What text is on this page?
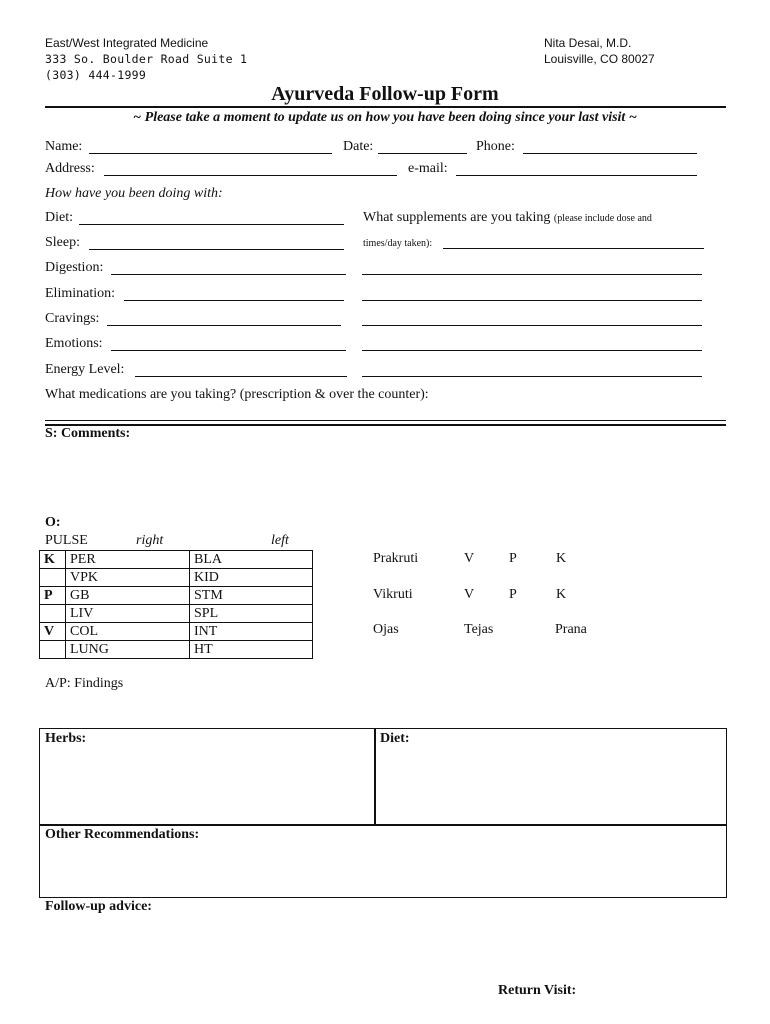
East/West Integrated Medicine
333 So. Boulder Road Suite 1
(303) 444-1999
Nita Desai, M.D.
Louisville, CO 80027
Ayurveda Follow-up Form
~ Please take a moment to update us on how you have been doing since your last visit ~
Name:	Date:	Phone:
Address:	e-mail:
How have you been doing with:
Diet:
Sleep:
Digestion:
Elimination:
Cravings:
Emotions:
Energy Level:
What supplements are you taking (please include dose and
times/day taken):
What medications are you taking? (prescription & over the counter):
S: Comments:
O:
PULSE	right	left
K	PER	BLA
	VPK	KID
P	GB	STM
	LIV	SPL
V	COL	INT
	LUNG	HT
Prakruti	V P	K
Vikruti	V P	K
Ojas	Tejas	Prana
A/P: Findings
Herbs:	Diet:
Other Recommendations:
Follow-up advice:
Return Visit:
